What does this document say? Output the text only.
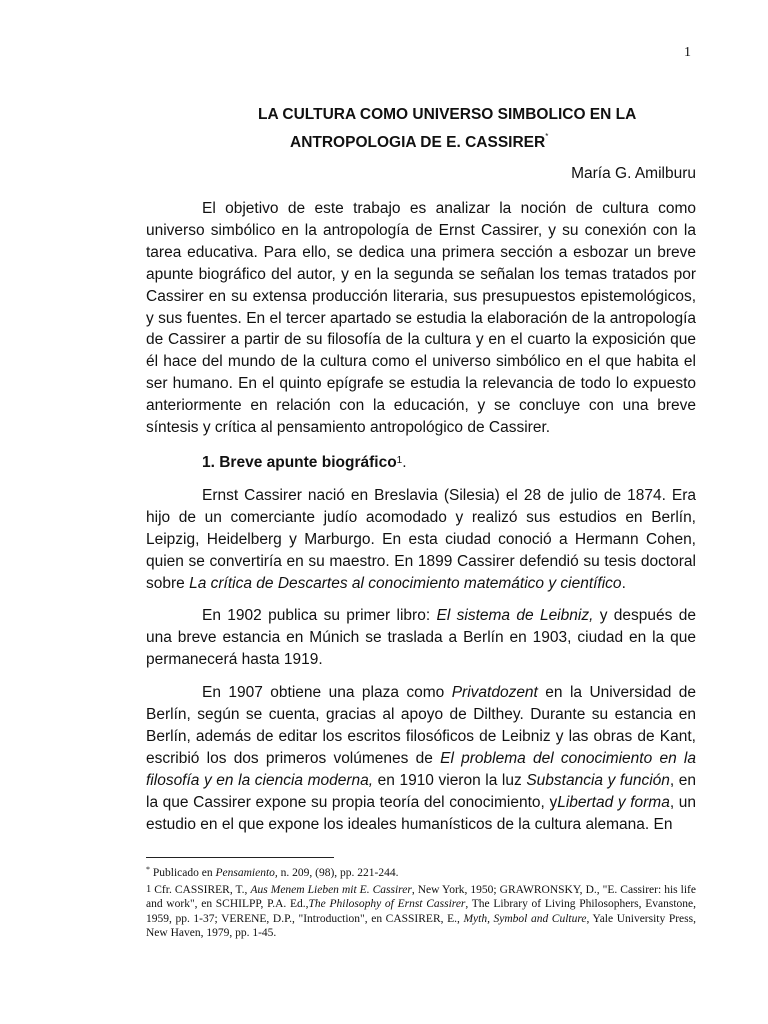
1
LA CULTURA COMO UNIVERSO SIMBOLICO EN LA
ANTROPOLOGIA DE E. CASSIRER*
María G. Amilburu

El objetivo de este trabajo es analizar la noción de cultura como universo simbólico en la antropología de Ernst Cassirer, y su conexión con la tarea educativa. Para ello, se dedica una primera sección a esbozar un breve apunte biográfico del autor, y en la segunda se señalan los temas tratados por Cassirer en su extensa producción literaria, sus presupuestos epistemológicos, y sus fuentes. En el tercer apartado se estudia la elaboración de la antropología de Cassirer a partir de su filosofía de la cultura y en el cuarto la exposición que él hace del mundo de la cultura como el universo simbólico en el que habita el ser humano. En el quinto epígrafe se estudia la relevancia de todo lo expuesto anteriormente en relación con la educación, y se concluye con una breve síntesis y crítica al pensamiento antropológico de Cassirer.

1. Breve apunte biográfico$^1$.

Ernst Cassirer nació en Breslavia (Silesia) el 28 de julio de 1874. Era hijo de un comerciante judío acomodado y realizó sus estudios en Berlín, Leipzig, Heidelberg y Marburgo. En esta ciudad conoció a Hermann Cohen, quien se convertiría en su maestro. En 1899 Cassirer defendió su tesis doctoral sobre La crítica de Descartes al conocimiento matemático y científico.

En 1902 publica su primer libro: El sistema de Leibniz, y después de una breve estancia en Múnich se traslada a Berlín en 1903, ciudad en la que permanecerá hasta 1919.

En 1907 obtiene una plaza como Privatdozent en la Universidad de Berlín, según se cuenta, gracias al apoyo de Dilthey. Durante su estancia en Berlín, además de editar los escritos filosóficos de Leibniz y las obras de Kant, escribió los dos primeros volúmenes de El problema del conocimiento en la filosofía y en la ciencia moderna, en 1910 vieron la luz Substancia y función, en la que Cassirer expone su propia teoría del conocimiento, yLibertad y forma, un estudio en el que expone los ideales humanísticos de la cultura alemana. En

* Publicado en Pensamiento, n. 209, (98), pp. 221-244.

1 Cfr. CASSIRER, T., Aus Menem Lieben mit E. Cassirer, New York, 1950; GRAWRONSKY, D., "E. Cassirer: his life and work", en SCHILPP, P.A. Ed.,The Philosophy of Ernst Cassirer, The Library of Living Philosophers, Evanstone, 1959, pp. 1-37; VERENE, D.P., "Introduction", en CASSIRER, E., Myth, Symbol and Culture, Yale University Press, New Haven, 1979, pp. 1-45.
